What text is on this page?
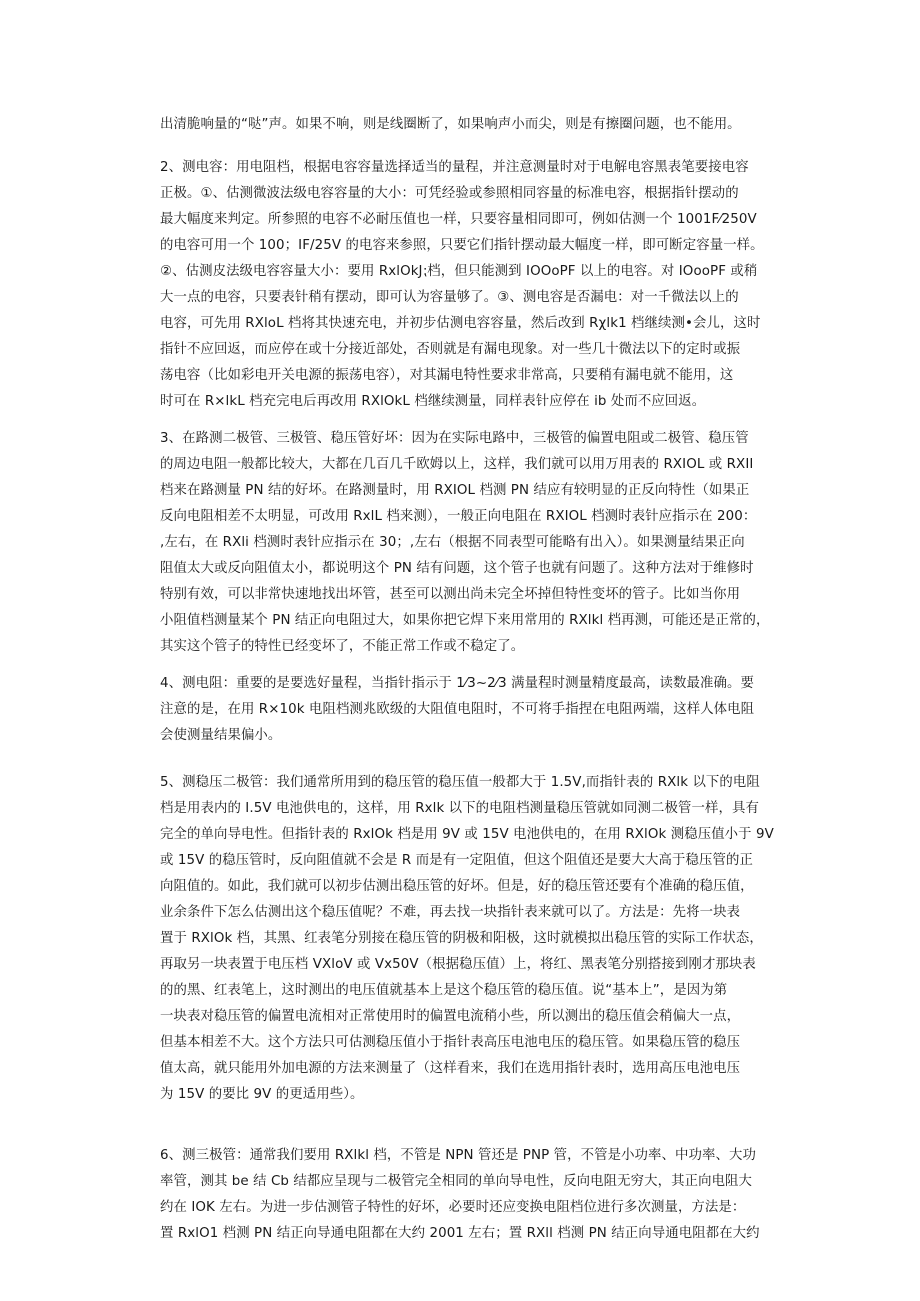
出清脆响量的“哒”声。如果不响，则是线圈断了，如果响声小而尖，则是有擦圈问题，也不能用。
2、测电容：用电阻档，根据电容容量选择适当的量程，并注意测量时对于电解电容黑表笔要接电容
正极。①、估测微波法级电容容量的大小：可凭经验或参照相同容量的标准电容，根据指针摆动的
最大幅度来判定。所参照的电容不必耐压值也一样，只要容量相同即可，例如估测一个 1001F⁄250V
的电容可用一个 100；IF/25V 的电容来参照，只要它们指针摆动最大幅度一样，即可断定容量一样。
②、估测皮法级电容容量大小：要用 RxlOkJ⁏档，但只能测到 IOOoPF 以上的电容。对 IOooPF 或稍
大一点的电容，只要表针稍有摆动，即可认为容量够了。③、测电容是否漏电：对一千微法以上的
电容，可先用 RXloL 档将其快速充电，并初步估测电容容量，然后改到 Rχlk1 档继续测•会儿，这时
指针不应回返，而应停在或十分接近部处，否则就是有漏电现象。对一些几十微法以下的定时或振
荡电容（比如彩电开关电源的振荡电容），对其漏电特性要求非常高，只要稍有漏电就不能用，这
时可在 R×lkL 档充完电后再改用 RXlOkL 档继续测量，同样表针应停在 ib 处而不应回返。
3、在路测二极管、三极管、稳压管好坏：因为在实际电路中，三极管的偏置电阻或二极管、稳压管
的周边电阻一般都比较大，大都在几百几千欧姆以上，这样，我们就可以用万用表的 RXIOL 或 RXII
档来在路测量 PN 结的好坏。在路测量时，用 RXIOL 档测 PN 结应有较明显的正反向特性（如果正
反向电阻相差不太明显，可改用 RxlL 档来测），一般正向电阻在 RXIOL 档测时表针应指示在 200：
,左右，在 RXli 档测时表针应指示在 30；,左右（根据不同表型可能略有出入）。如果测量结果正向
阻值太大或反向阻值太小，都说明这个 PN 结有问题，这个管子也就有问题了。这种方法对于维修时
特别有效，可以非常快速地找出坏管，甚至可以测出尚未完全坏掉但特性变坏的管子。比如当你用
小阻值档测量某个 PN 结正向电阻过大，如果你把它焊下来用常用的 RXlkl 档再测，可能还是正常的，
其实这个管子的特性已经变坏了，不能正常工作或不稳定了。
4、测电阻：重要的是要选好量程，当指针指示于 1⁄3~2⁄3 满量程时测量精度最高，读数最准确。要
注意的是，在用 R×10k 电阻档测兆欧级的大阻值电阻时，不可将手指捏在电阻两端，这样人体电阻
会使测量结果偏小。
5、测稳压二极管：我们通常所用到的稳压管的稳压值一般都大于 1.5V,而指针表的 RXlk 以下的电阻
档是用表内的 I.5V 电池供电的，这样，用 Rxlk 以下的电阻档测量稳压管就如同测二极管一样，具有
完全的单向导电性。但指针表的 RxlOk 档是用 9V 或 15V 电池供电的，在用 RXlOk 测稳压值小于 9V
或 15V 的稳压管时，反向阻值就不会是 R 而是有一定阻值，但这个阻值还是要大大高于稳压管的正
向阻值的。如此，我们就可以初步估测出稳压管的好坏。但是，好的稳压管还要有个准确的稳压值，
业余条件下怎么估测出这个稳压值呢？不难，再去找一块指针表来就可以了。方法是：先将一块表
置于 RXlOk 档，其黑、红表笔分别接在稳压管的阴极和阳极，这时就模拟出稳压管的实际工作状态，
再取另一块表置于电压档 VXloV 或 Vx50V（根据稳压值）上，将红、黑表笔分别搭接到刚才那块表
的的黑、红表笔上，这时测出的电压值就基本上是这个稳压管的稳压值。说“基本上”，是因为第
一块表对稳压管的偏置电流相对正常使用时的偏置电流稍小些，所以测出的稳压值会稍偏大一点，
但基本相差不大。这个方法只可估测稳压值小于指针表高压电池电压的稳压管。如果稳压管的稳压
值太高，就只能用外加电源的方法来测量了（这样看来，我们在选用指针表时，选用高压电池电压
为 15V 的要比 9V 的更适用些）。
6、测三极管：通常我们要用 RXlkl 档，不管是 NPN 管还是 PNP 管，不管是小功率、中功率、大功
率管，测其 be 结 Cb 结都应呈现与二极管完全相同的单向导电性，反向电阻无穷大，其正向电阻大
约在 IOK 左右。为进一步估测管子特性的好坏，必要时还应变换电阻档位进行多次测量，方法是：
置 RxlO1 档测 PN 结正向导通电阻都在大约 2001 左右；置 RXll 档测 PN 结正向导通电阻都在大约
